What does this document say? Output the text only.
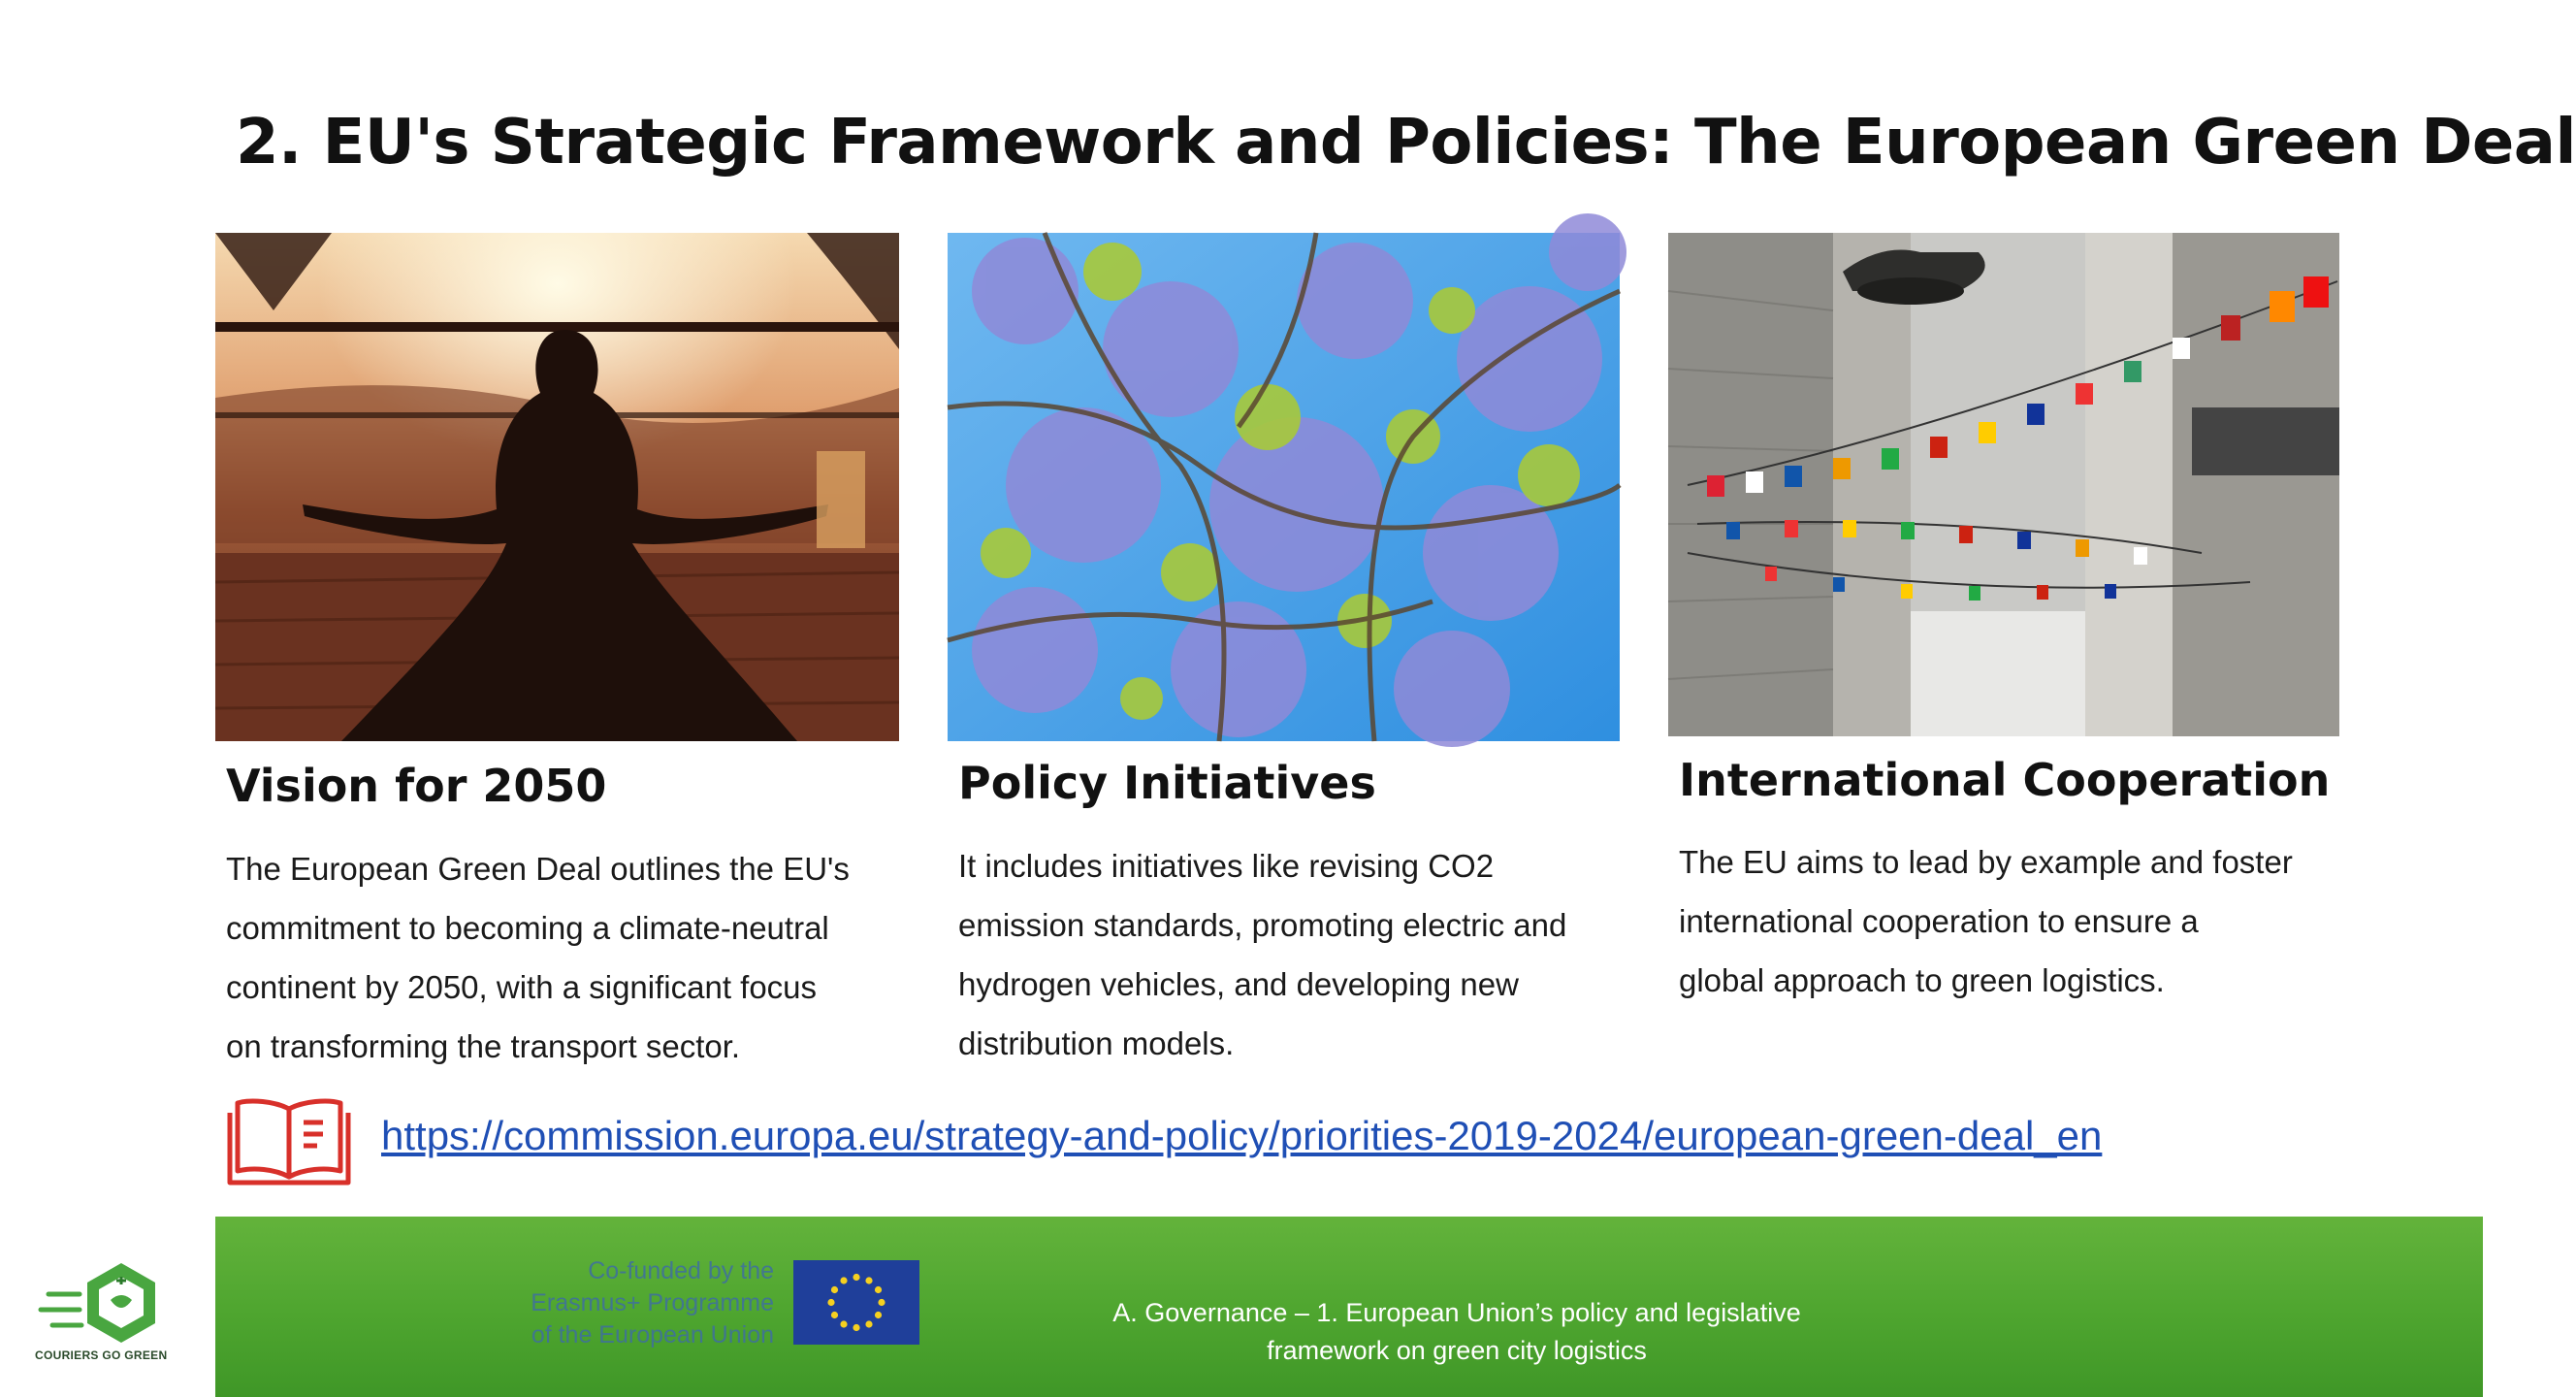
2. EU's Strategic Framework and Policies: The European Green Deal
Vision for 2050
The European Green Deal outlines the EU's
commitment to becoming a climate-neutral
continent by 2050, with a significant focus
on transforming the transport sector.
Policy Initiatives
It includes initiatives like revising CO2
emission standards, promoting electric and
hydrogen vehicles, and developing new
distribution models.
International Cooperation
The EU aims to lead by example and foster
international cooperation to ensure a
global approach to green logistics.
https://commission.europa.eu/strategy-and-policy/priorities-2019-2024/european-green-deal_en
COURIERS GO GREEN
Co-funded by the
Erasmus+ Programme
of the European Union
A. Governance – 1. European Union’s policy and legislative
framework on green city logistics
7
